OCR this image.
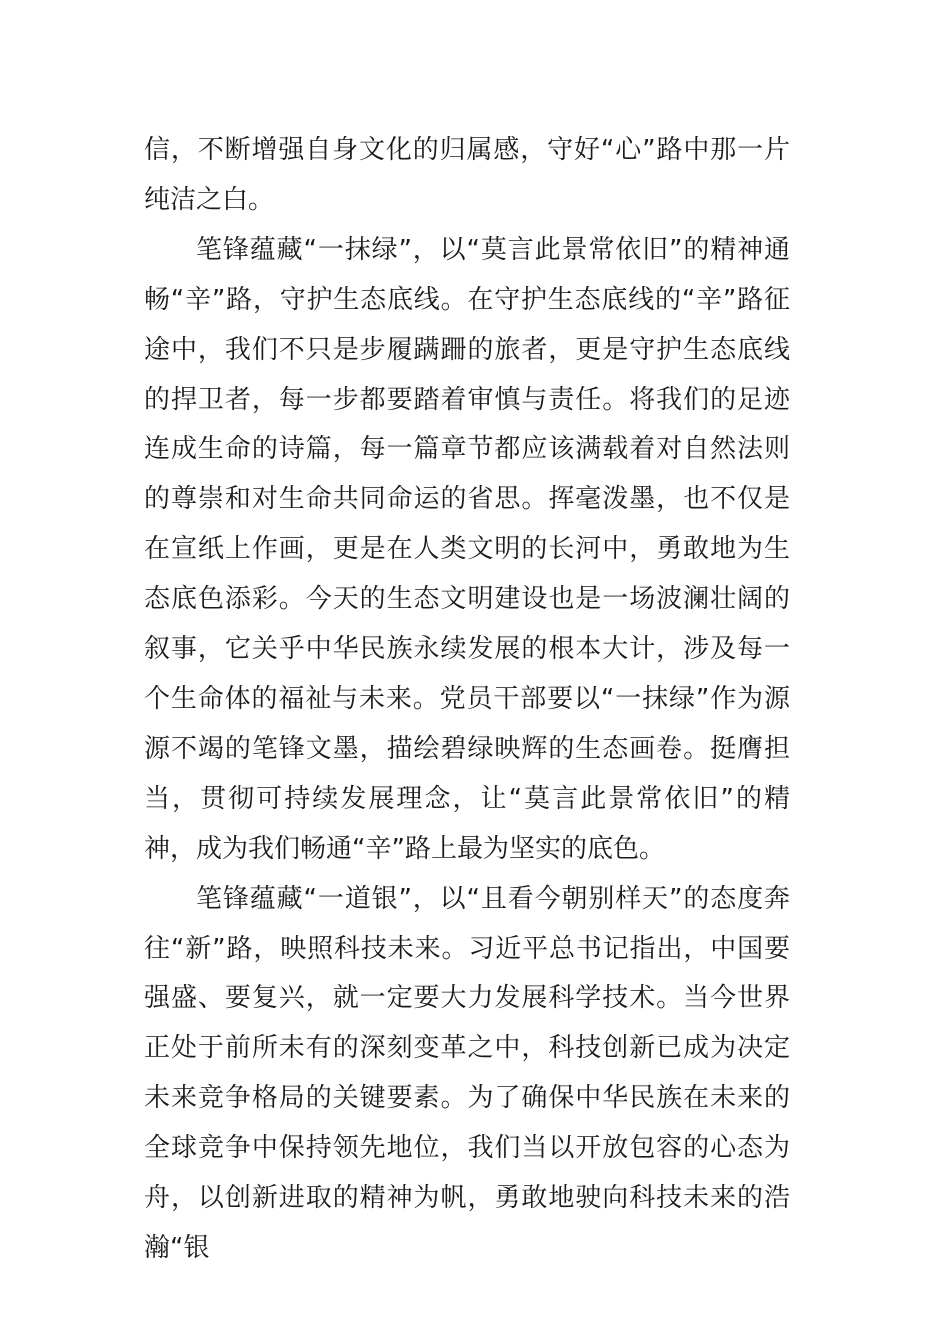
信，不断增强自身文化的归属感，守好“心”路中那一片纯洁之白。

笔锋蕴藏“一抹绿”，以“莫言此景常依旧”的精神通畅“辛”路，守护生态底线。在守护生态底线的“辛”路征途中，我们不只是步履蹒跚的旅者，更是守护生态底线的捍卫者，每一步都要踏着审慎与责任。将我们的足迹连成生命的诗篇，每一篇章节都应该满载着对自然法则的尊崇和对生命共同命运的省思。挥毫泼墨，也不仅是在宣纸上作画，更是在人类文明的长河中，勇敢地为生态底色添彩。今天的生态文明建设也是一场波澜壮阔的叙事，它关乎中华民族永续发展的根本大计，涉及每一个生命体的福祉与未来。党员干部要以“一抹绿”作为源源不竭的笔锋文墨，描绘碧绿映辉的生态画卷。挺膺担当，贯彻可持续发展理念，让“莫言此景常依旧”的精神，成为我们畅通“辛”路上最为坚实的底色。

笔锋蕴藏“一道银”，以“且看今朝别样天”的态度奔往“新”路，映照科技未来。习近平总书记指出，中国要强盛、要复兴，就一定要大力发展科学技术。当今世界正处于前所未有的深刻变革之中，科技创新已成为决定未来竞争格局的关键要素。为了确保中华民族在未来的全球竞争中保持领先地位，我们当以开放包容的心态为舟，以创新进取的精神为帆，勇敢地驶向科技未来的浩瀚“银
